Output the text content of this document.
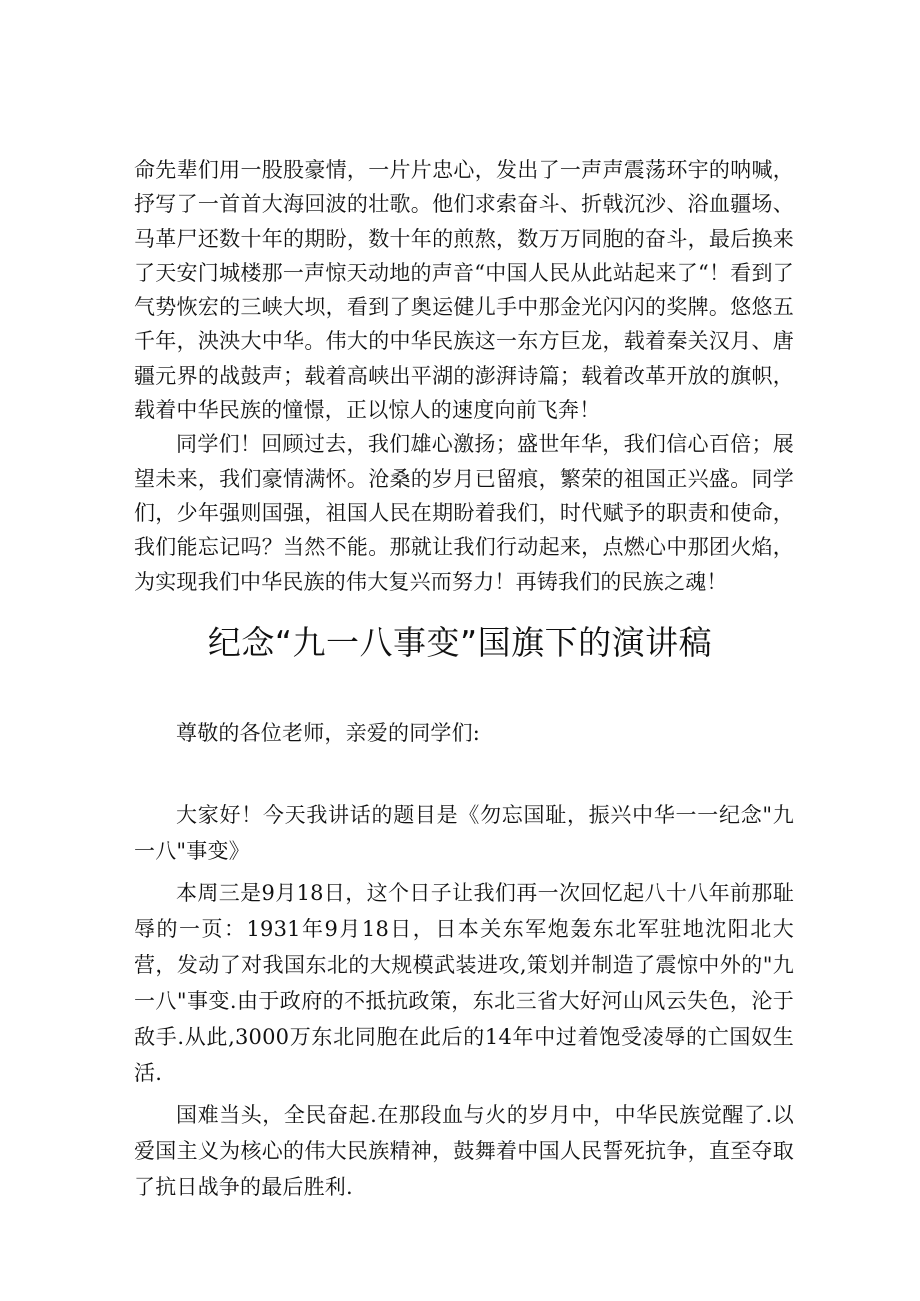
命先辈们用一股股豪情，一片片忠心，发出了一声声震荡环宇的呐喊，抒写了一首首大海回波的壮歌。他们求索奋斗、折戟沉沙、浴血疆场、马革尸还数十年的期盼，数十年的煎熬，数万万同胞的奋斗，最后换来了天安门城楼那一声惊天动地的声音“中国人民从此站起来了“！看到了气势恢宏的三峡大坝，看到了奥运健儿手中那金光闪闪的奖牌。悠悠五千年，泱泱大中华。伟大的中华民族这一东方巨龙，载着秦关汉月、唐疆元界的战鼓声；载着高峡出平湖的澎湃诗篇；载着改革开放的旗帜，载着中华民族的憧憬，正以惊人的速度向前飞奔！

同学们！回顾过去，我们雄心激扬；盛世年华，我们信心百倍；展望未来，我们豪情满怀。沧桑的岁月已留痕，繁荣的祖国正兴盛。同学们，少年强则国强，祖国人民在期盼着我们，时代赋予的职责和使命，我们能忘记吗？当然不能。那就让我们行动起来，点燃心中那团火焰，为实现我们中华民族的伟大复兴而努力！再铸我们的民族之魂！

纪念“九一八事变”国旗下的演讲稿

尊敬的各位老师，亲爱的同学们:

大家好！今天我讲话的题目是《勿忘国耻，振兴中华一一纪念"九一八"事变》

本周三是9月18日，这个日子让我们再一次回忆起八十八年前那耻辱的一页：1931年9月18日，日本关东军炮轰东北军驻地沈阳北大营，发动了对我国东北的大规模武装进攻,策划并制造了震惊中外的"九一八"事变.由于政府的不抵抗政策，东北三省大好河山风云失色，沦于敌手.从此,3000万东北同胞在此后的14年中过着饱受凌辱的亡国奴生活.

国难当头，全民奋起.在那段血与火的岁月中，中华民族觉醒了.以爱国主义为核心的伟大民族精神，鼓舞着中国人民誓死抗争，直至夺取了抗日战争的最后胜利.
